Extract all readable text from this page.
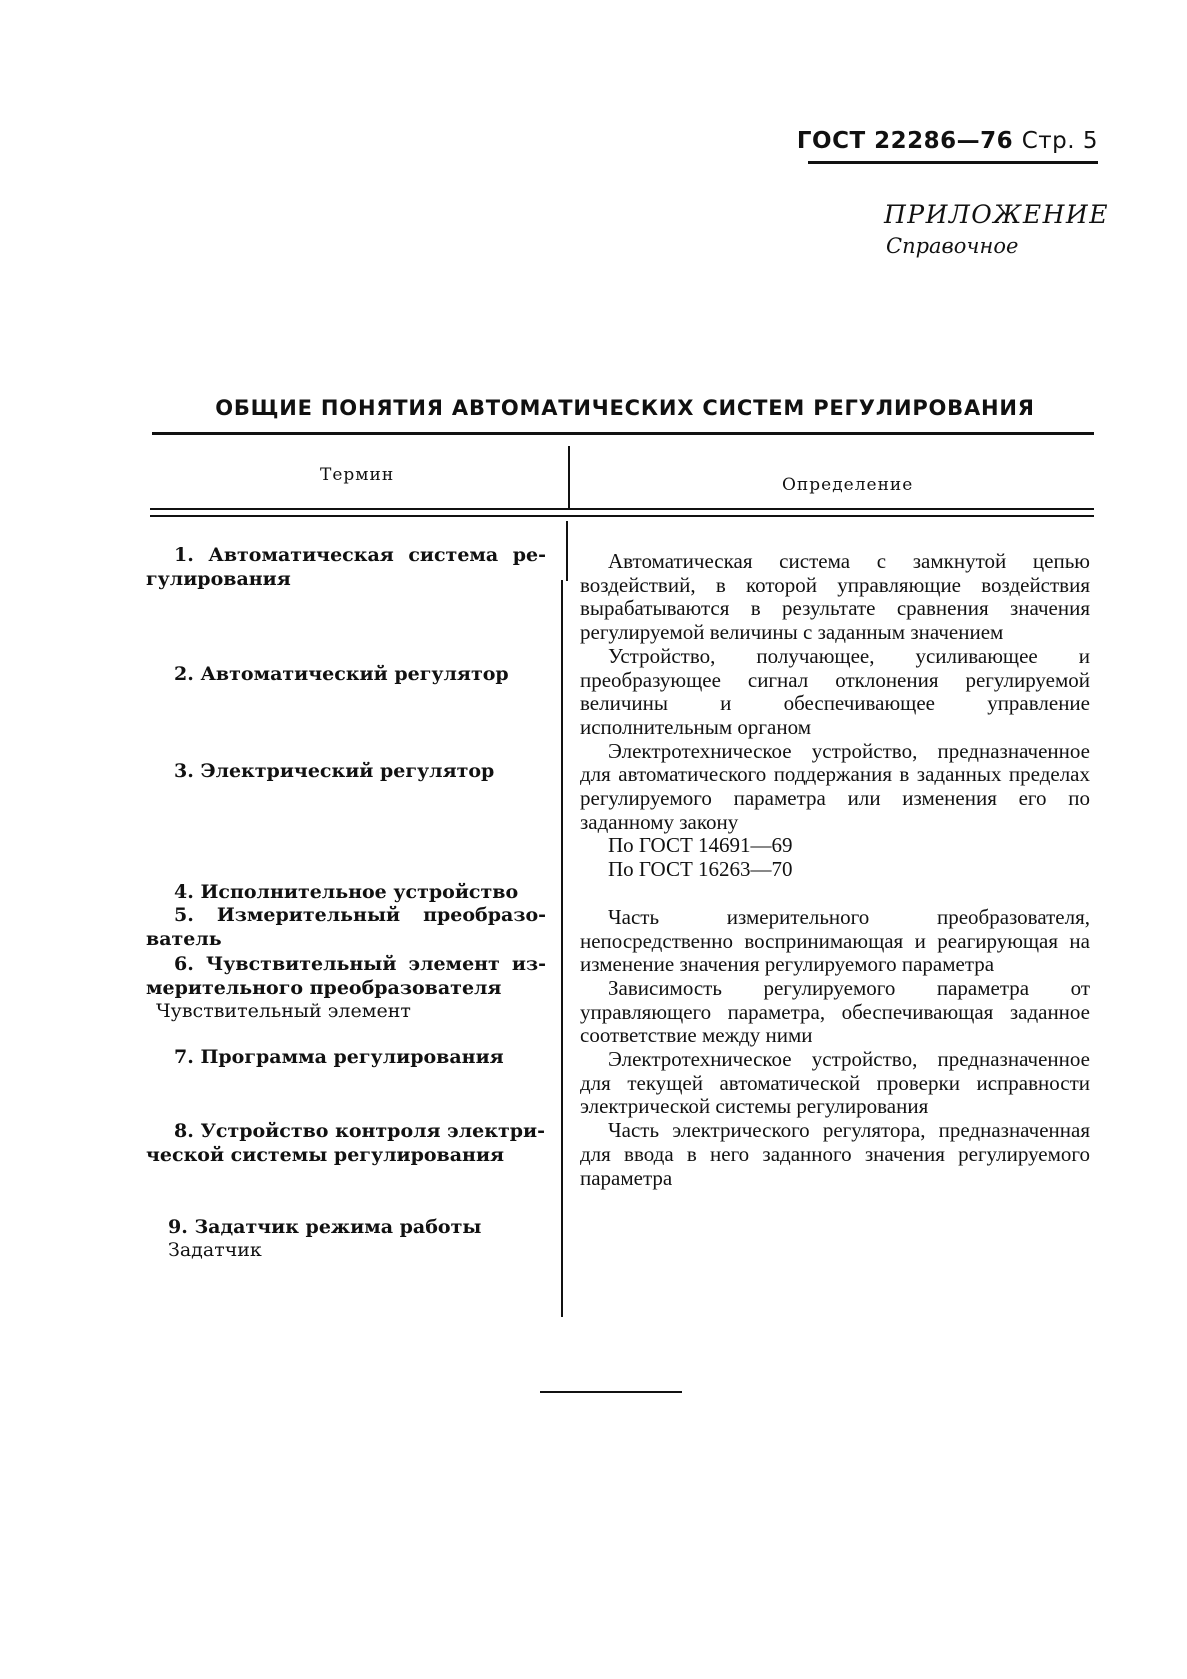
ГОСТ 22286—76 Стр. 5
ПРИЛОЖЕНИЕ
Справочное
ОБЩИЕ ПОНЯТИЯ АВТОМАТИЧЕСКИХ СИСТЕМ РЕГУЛИРОВАНИЯ
Термин	Определение
1. Автоматическая система ре-
гулирования
2. Автоматический регулятор
3. Электрический регулятор
4. Исполнительное устройство
5. Измерительный преобразо-
ватель
6. Чувствительный элемент из-
мерительного преобразователя
Чувствительный элемент
7. Программа регулирования
8. Устройство контроля электри-
ческой системы регулирования
9. Задатчик режима работы
Задатчик

Автоматическая система с замкнутой цепью воздействий, в которой управляющие воздействия вырабатываются в результате сравнения значения регулируемой величины с заданным значением

Устройство, получающее, усиливающее и преобразующее сигнал отклонения регулируемой величины и обеспечивающее управление исполнительным органом

Электротехническое устройство, предназначенное для автоматического поддержания в заданных пределах регулируемого параметра или изменения его по заданному закону

По ГОСТ 14691—69

По ГОСТ 16263—70

Часть измерительного преобразователя, непосредственно воспринимающая и реагирующая на изменение значения регулируемого параметра

Зависимость регулируемого параметра от управляющего параметра, обеспечивающая заданное соответствие между ними

Электротехническое устройство, предназначенное для текущей автоматической проверки исправности электрической системы регулирования

Часть электрического регулятора, предназначенная для ввода в него заданного значения регулируемого параметра
